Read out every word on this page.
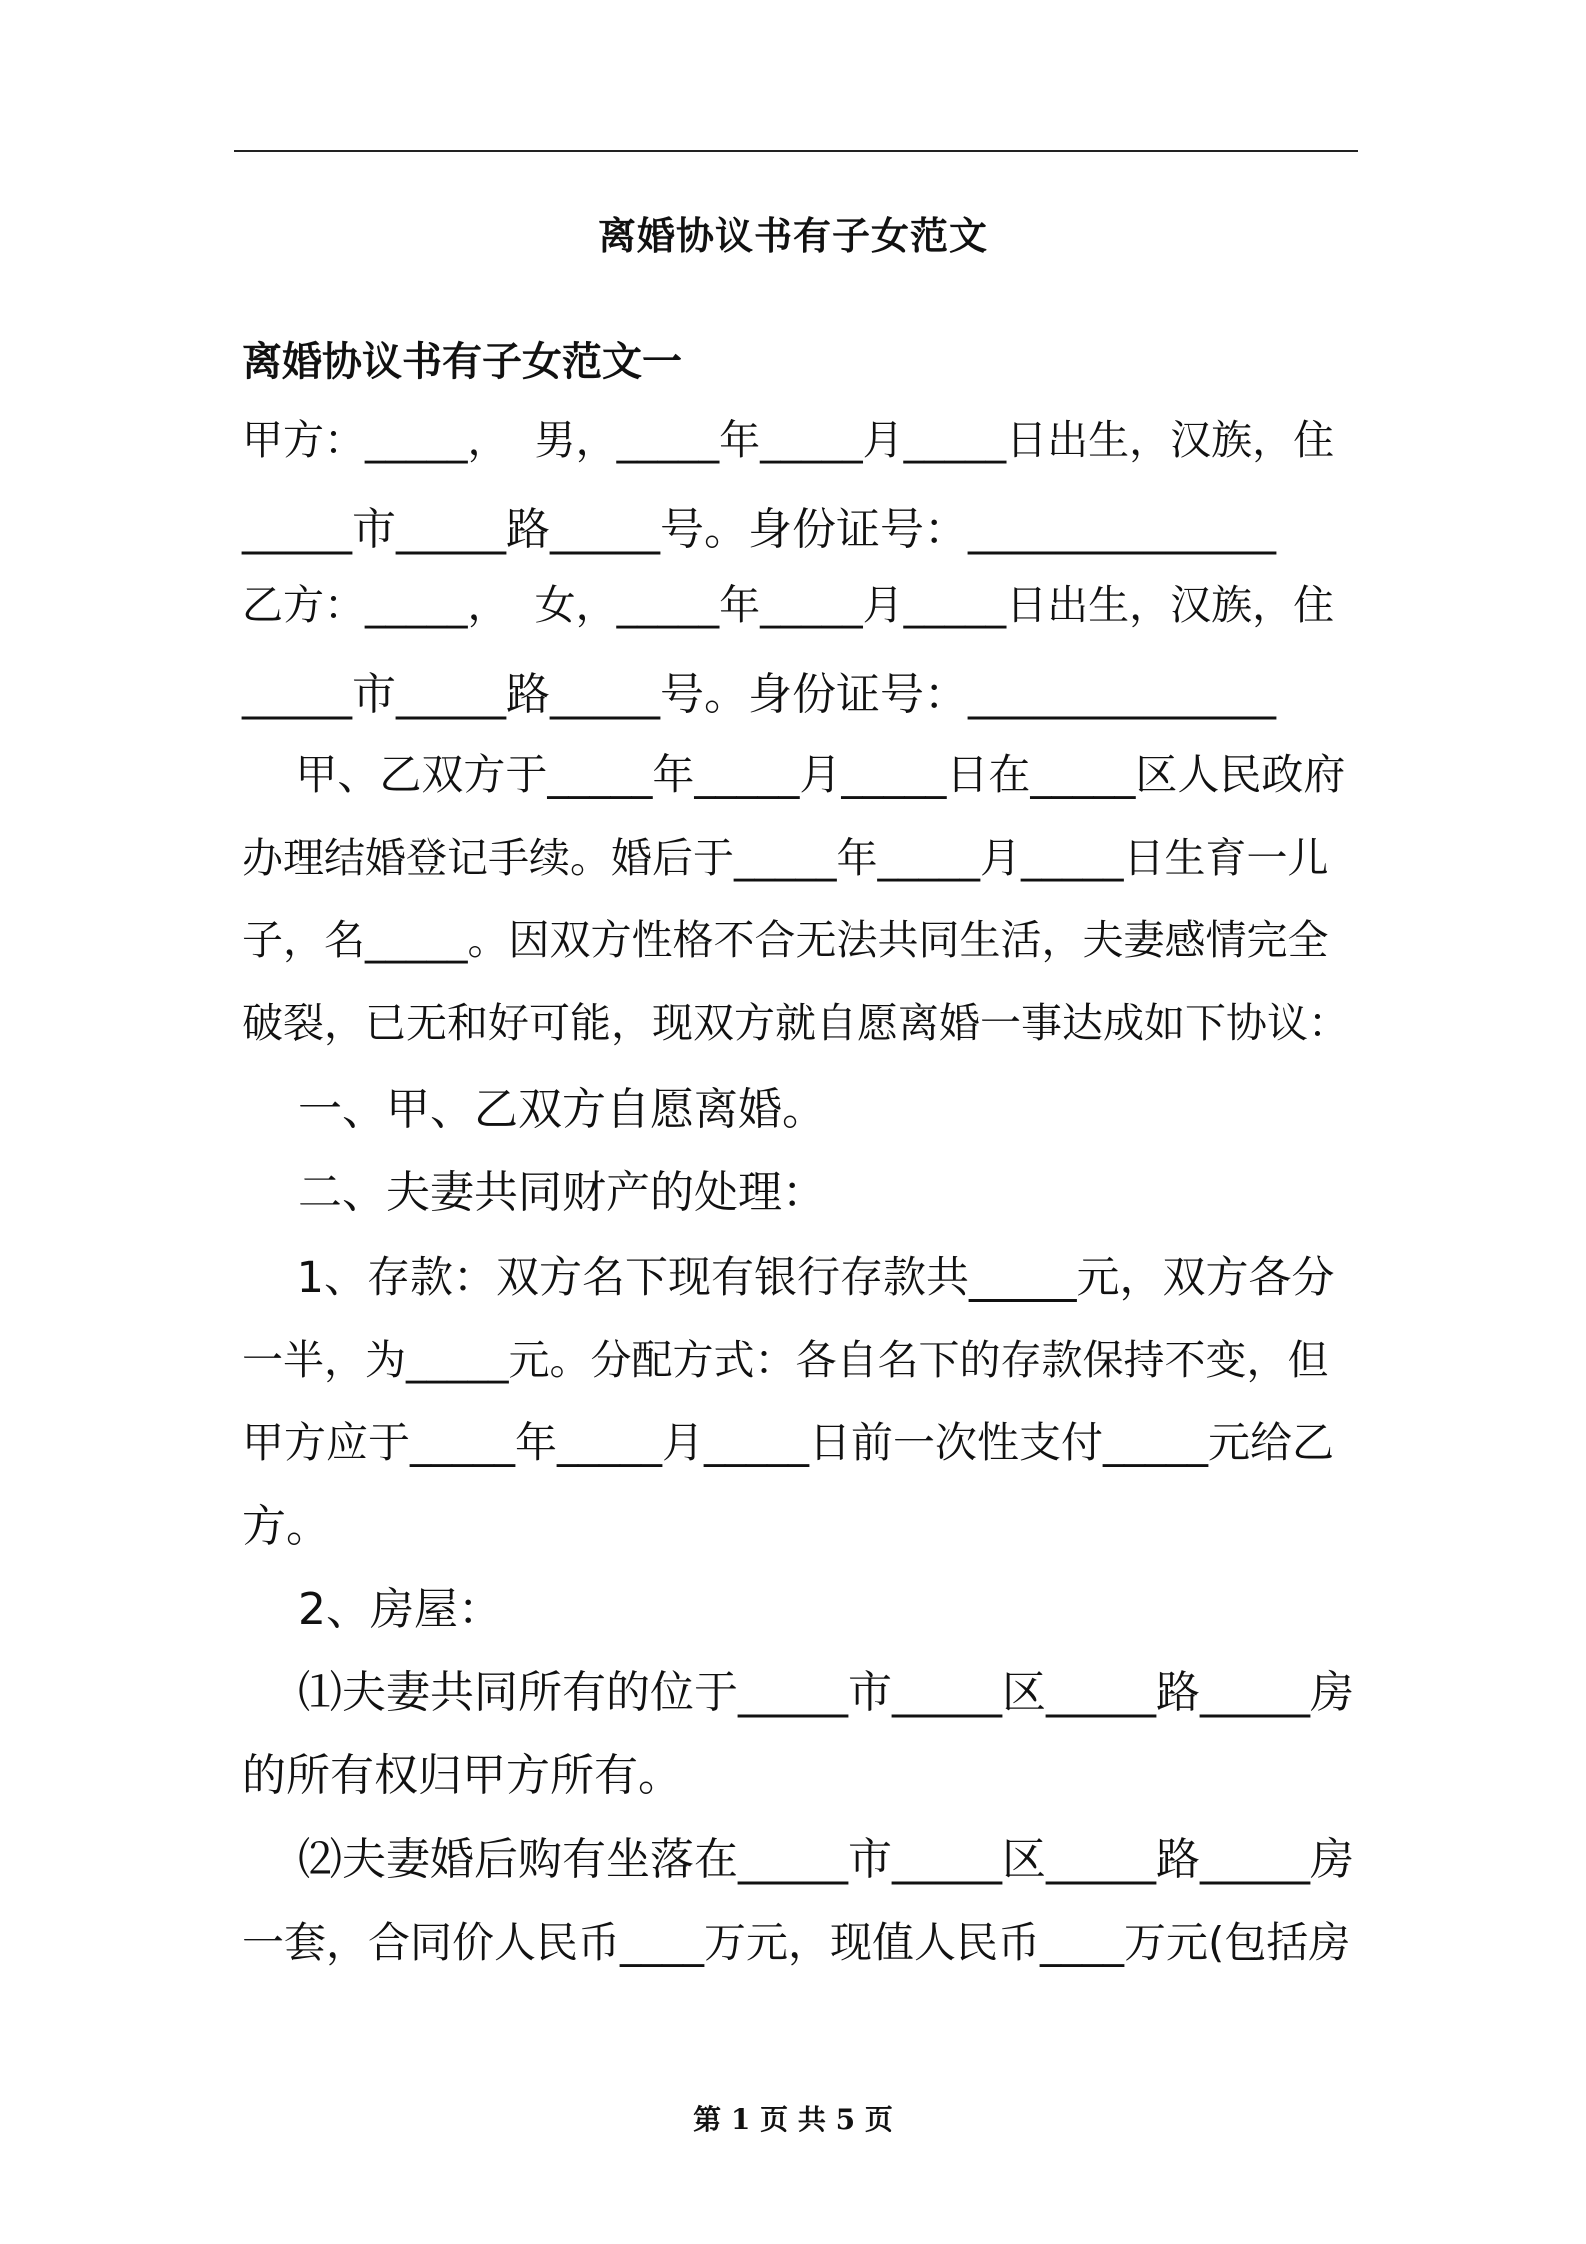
离婚协议书有子女范文
离婚协议书有子女范文一
甲方：_____，  男，_____年_____月_____日出生，汉族，住
_____市_____路_____号。身份证号：______________
乙方：_____，  女，_____年_____月_____日出生，汉族，住
_____市_____路_____号。身份证号：______________
甲、乙双方于_____年_____月_____日在_____区人民政府
办理结婚登记手续。婚后于_____年_____月_____日生育一儿
子，名_____。因双方性格不合无法共同生活，夫妻感情完全
破裂，已无和好可能，现双方就自愿离婚一事达成如下协议：
一、甲、乙双方自愿离婚。
二、夫妻共同财产的处理：
1、存款：双方名下现有银行存款共_____元，双方各分
一半，为_____元。分配方式：各自名下的存款保持不变，但
甲方应于_____年_____月_____日前一次性支付_____元给乙
方。
2、房屋：
⑴夫妻共同所有的位于_____市_____区_____路_____房
的所有权归甲方所有。
⑵夫妻婚后购有坐落在_____市_____区_____路_____房
一套，合同价人民币____万元，现值人民币____万元(包括房
第 1 页 共 5 页
